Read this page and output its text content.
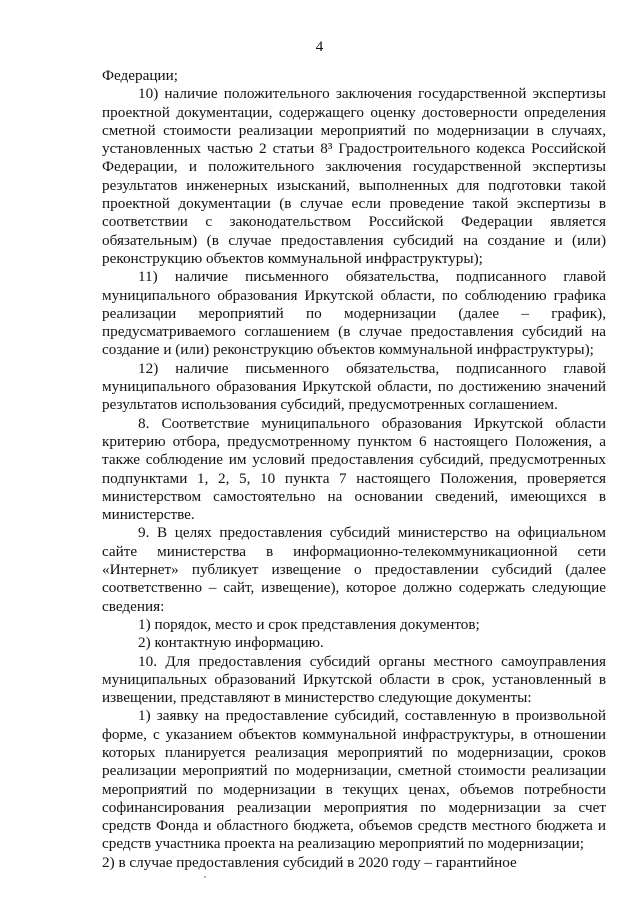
4

Федерации;

10) наличие положительного заключения государственной экспертизы проектной документации, содержащего оценку достоверности определения сметной стоимости реализации мероприятий по модернизации в случаях, установленных частью 2 статьи 8³ Градостроительного кодекса Российской Федерации, и положительного заключения государственной экспертизы результатов инженерных изысканий, выполненных для подготовки такой проектной документации (в случае если проведение такой экспертизы в соответствии с законодательством Российской Федерации является обязательным) (в случае предоставления субсидий на создание и (или) реконструкцию объектов коммунальной инфраструктуры);

11) наличие письменного обязательства, подписанного главой муниципального образования Иркутской области, по соблюдению графика реализации мероприятий по модернизации (далее – график), предусматриваемого соглашением (в случае предоставления субсидий на создание и (или) реконструкцию объектов коммунальной инфраструктуры);

12) наличие письменного обязательства, подписанного главой муниципального образования Иркутской области, по достижению значений результатов использования субсидий, предусмотренных соглашением.

8. Соответствие муниципального образования Иркутской области критерию отбора, предусмотренному пунктом 6 настоящего Положения, а также соблюдение им условий предоставления субсидий, предусмотренных подпунктами 1, 2, 5, 10 пункта 7 настоящего Положения, проверяется министерством самостоятельно на основании сведений, имеющихся в министерстве.

9. В целях предоставления субсидий министерство на официальном сайте министерства в информационно-телекоммуникационной сети «Интернет» публикует извещение о предоставлении субсидий (далее соответственно – сайт, извещение), которое должно содержать следующие сведения:

1) порядок, место и срок представления документов;

2) контактную информацию.

10. Для предоставления субсидий органы местного самоуправления муниципальных образований Иркутской области в срок, установленный в извещении, представляют в министерство следующие документы:

1) заявку на предоставление субсидий, составленную в произвольной форме, с указанием объектов коммунальной инфраструктуры, в отношении которых планируется реализация мероприятий по модернизации, сроков реализации мероприятий по модернизации, сметной стоимости реализации мероприятий по модернизации в текущих ценах, объемов потребности софинансирования реализации мероприятия по модернизации за счет средств Фонда и областного бюджета, объемов средств местного бюджета и средств участника проекта на реализацию мероприятий по модернизации;

2) в случае предоставления субсидий в 2020 году – гарантийное
